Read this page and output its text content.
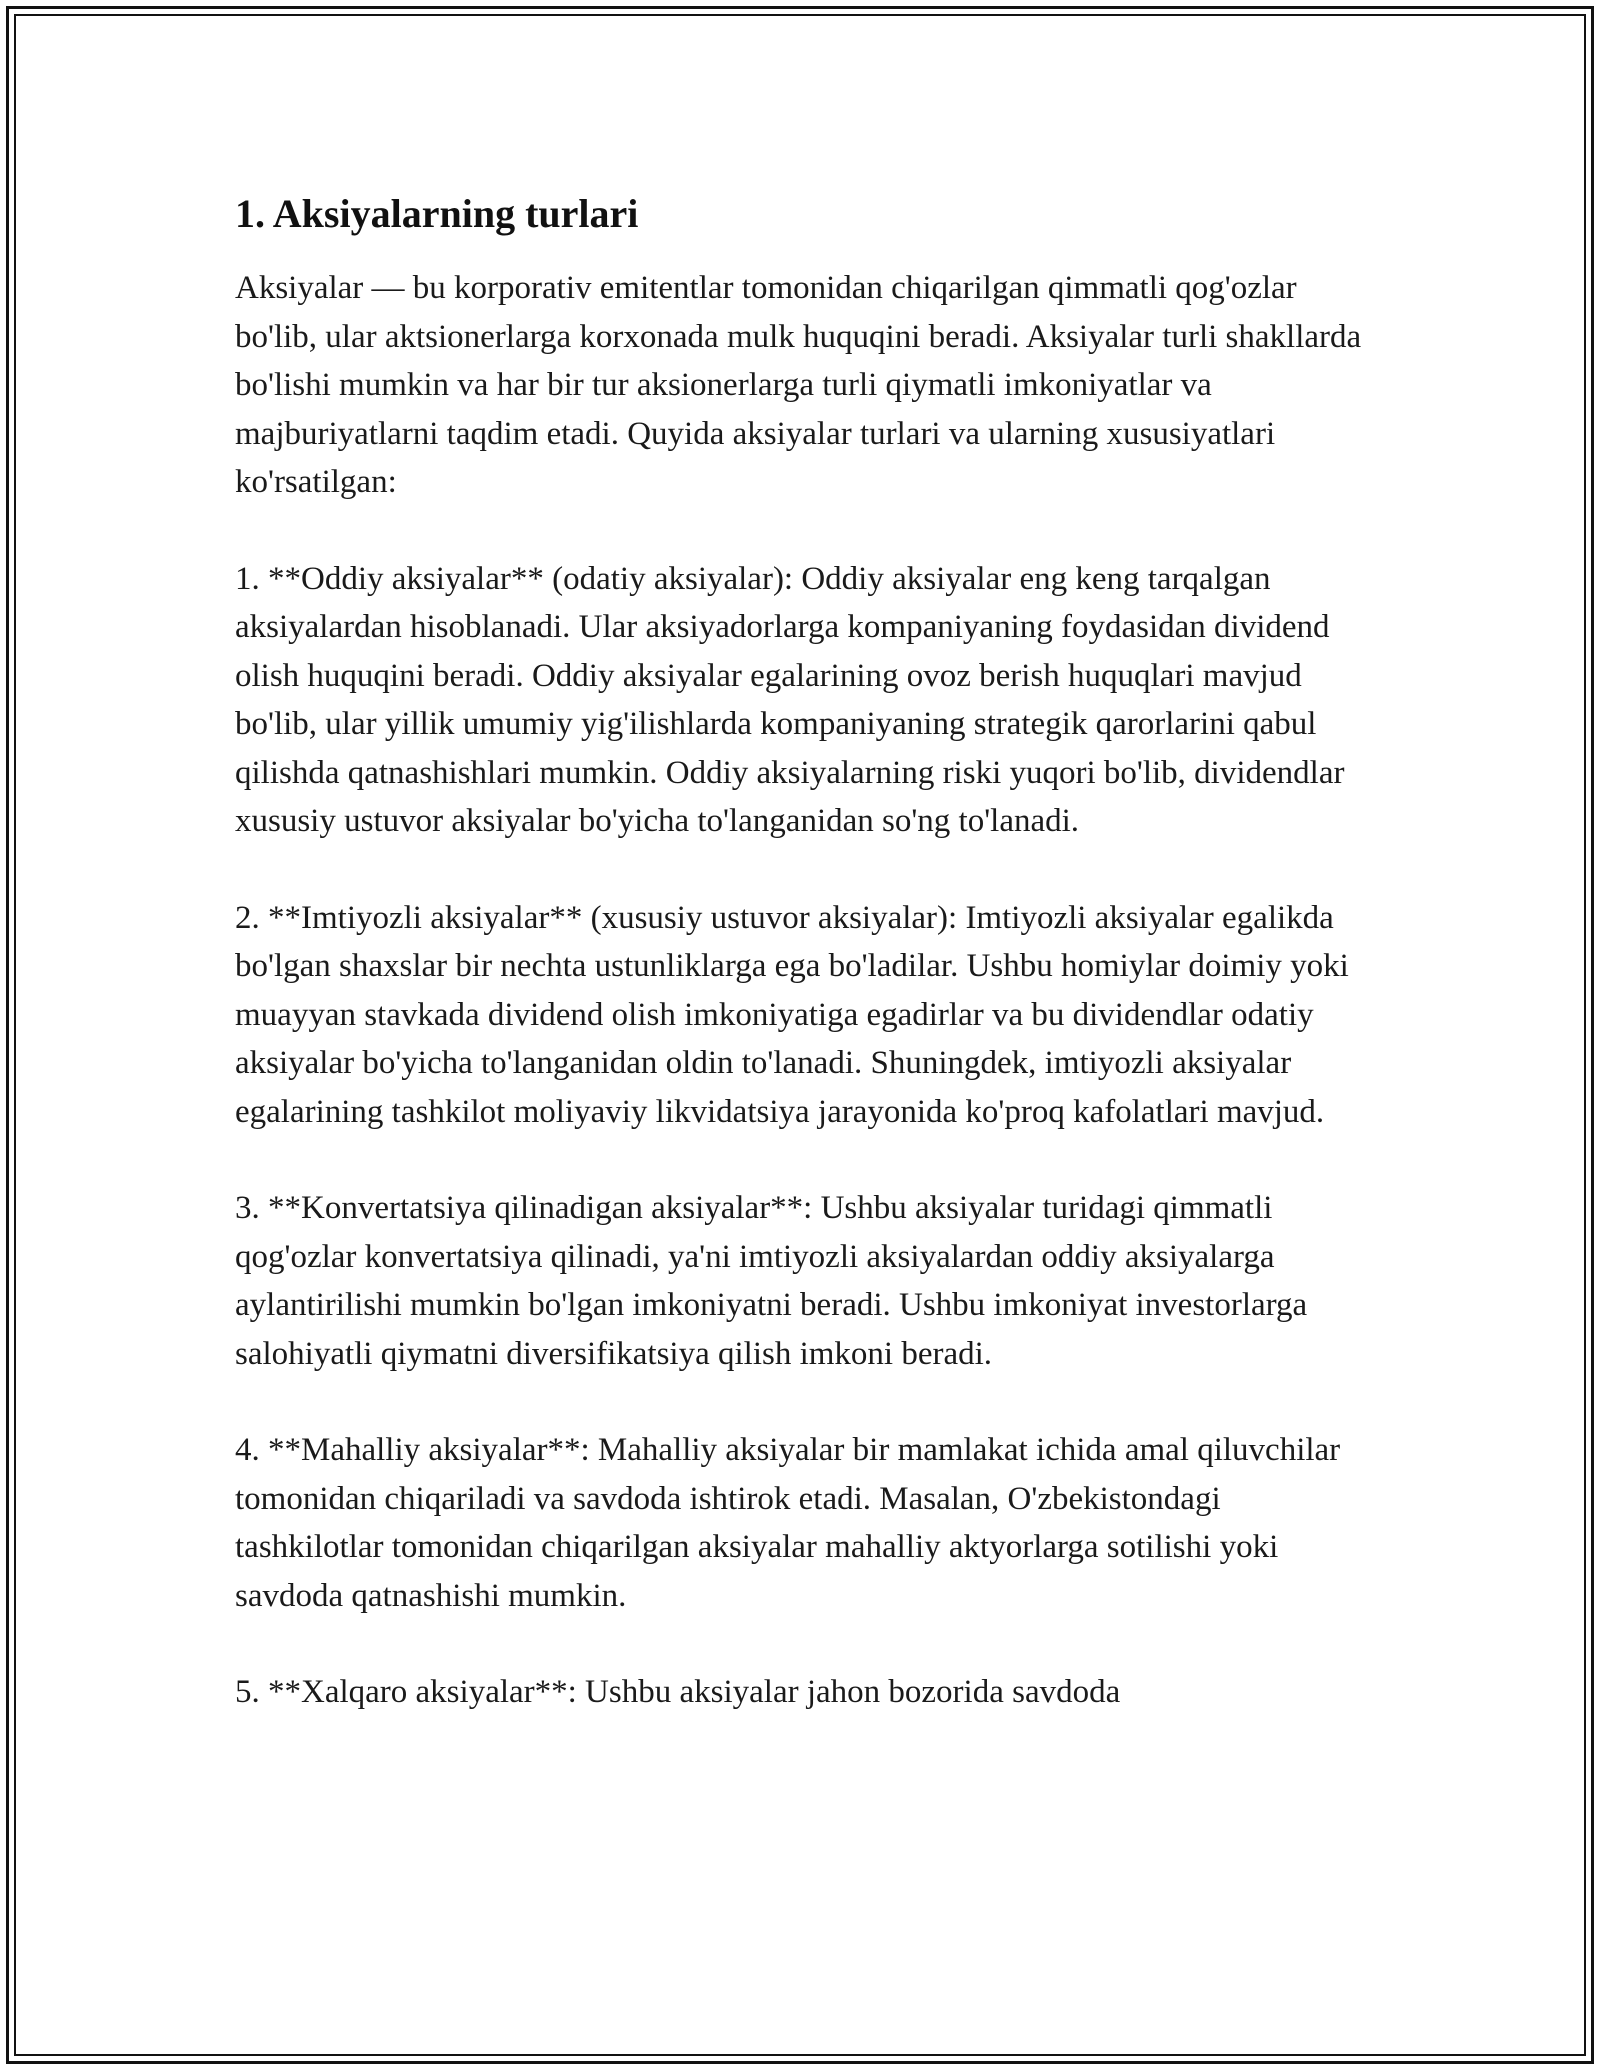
1. Aksiyalarning turlari

Aksiyalar — bu korporativ emitentlar tomonidan chiqarilgan qimmatli qog'ozlar bo'lib, ular aktsionerlarga korxonada mulk huquqini beradi. Aksiyalar turli shakllarda bo'lishi mumkin va har bir tur aksionerlarga turli qiymatli imkoniyatlar va majburiyatlarni taqdim etadi. Quyida aksiyalar turlari va ularning xususiyatlari ko'rsatilgan:

1. **Oddiy aksiyalar** (odatiy aksiyalar): Oddiy aksiyalar eng keng tarqalgan aksiyalardan hisoblanadi. Ular aksiyadorlarga kompaniyaning foydasidan dividend olish huquqini beradi. Oddiy aksiyalar egalarining ovoz berish huquqlari mavjud bo'lib, ular yillik umumiy yig'ilishlarda kompaniyaning strategik qarorlarini qabul qilishda qatnashishlari mumkin. Oddiy aksiyalarning riski yuqori bo'lib, dividendlar xususiy ustuvor aksiyalar bo'yicha to'langanidan so'ng to'lanadi.

2. **Imtiyozli aksiyalar** (xususiy ustuvor aksiyalar): Imtiyozli aksiyalar egalikda bo'lgan shaxslar bir nechta ustunliklarga ega bo'ladilar. Ushbu homiylar doimiy yoki muayyan stavkada dividend olish imkoniyatiga egadirlar va bu dividendlar odatiy aksiyalar bo'yicha to'langanidan oldin to'lanadi. Shuningdek, imtiyozli aksiyalar egalarining tashkilot moliyaviy likvidatsiya jarayonida ko'proq kafolatlari mavjud.

3. **Konvertatsiya qilinadigan aksiyalar**: Ushbu aksiyalar turidagi qimmatli qog'ozlar konvertatsiya qilinadi, ya'ni imtiyozli aksiyalardan oddiy aksiyalarga aylantirilishi mumkin bo'lgan imkoniyatni beradi. Ushbu imkoniyat investorlarga salohiyatli qiymatni diversifikatsiya qilish imkoni beradi.

4. **Mahalliy aksiyalar**: Mahalliy aksiyalar bir mamlakat ichida amal qiluvchilar tomonidan chiqariladi va savdoda ishtirok etadi. Masalan, O'zbekistondagi tashkilotlar tomonidan chiqarilgan aksiyalar mahalliy aktyorlarga sotilishi yoki savdoda qatnashishi mumkin.

5. **Xalqaro aksiyalar**: Ushbu aksiyalar jahon bozorida savdoda
